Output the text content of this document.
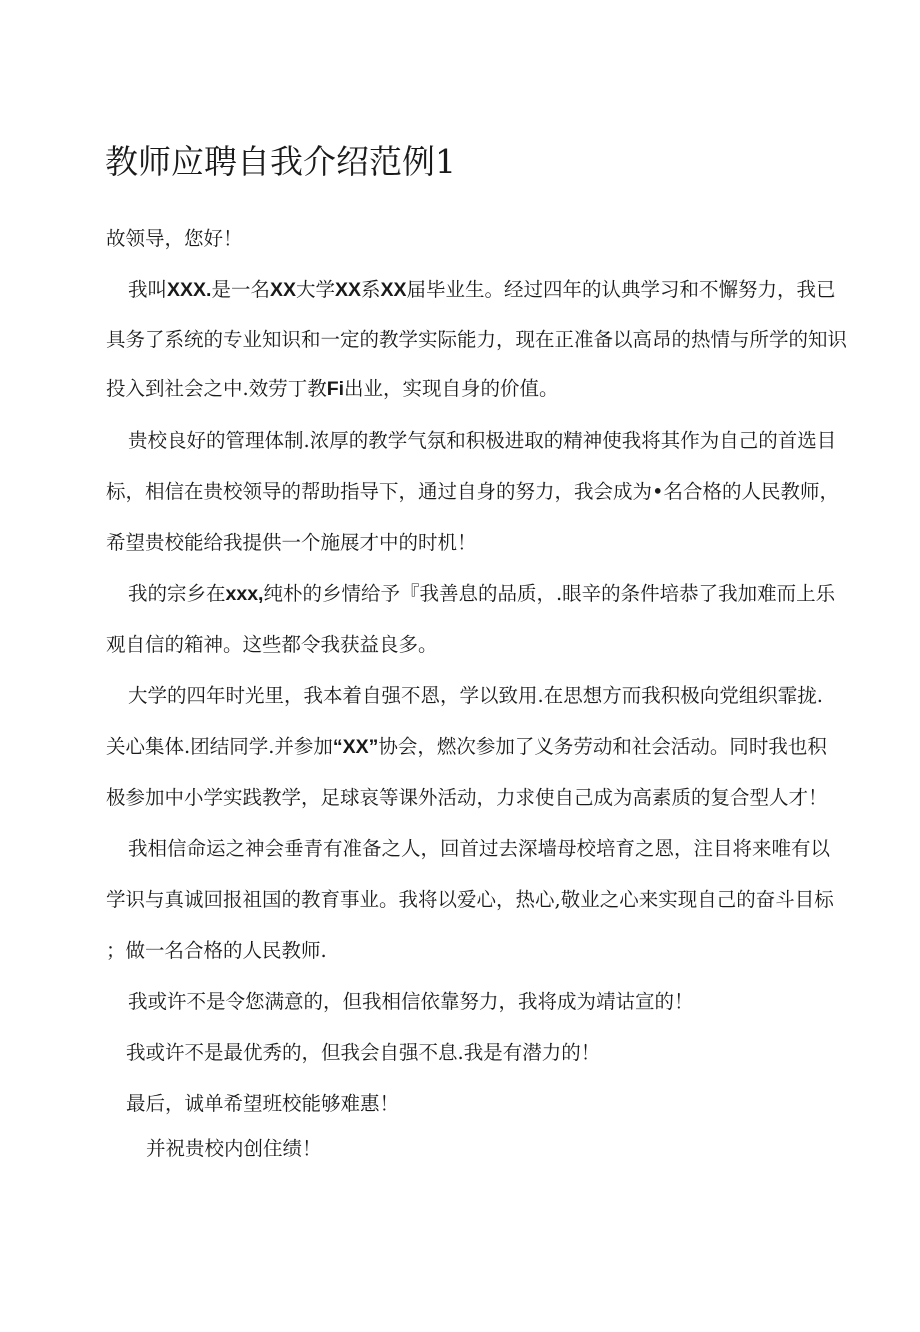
教师应聘自我介绍范例1

故领导，您好！

我叫XXX.是一名XX大学XX系XX届毕业生。经过四年的认典学习和不懈努力，我已

具务了系统的专业知识和一定的教学实际能力，现在正准备以高昂的热情与所学的知识

投入到社会之中.效劳丁教Fi出业，实现自身的价值。

贵校良好的管理体制.浓厚的教学气氛和积极进取的精神使我将其作为自己的首选目

标，相信在贵校领导的帮助指导下，通过自身的努力，我会成为•名合格的人民教师，

希望贵校能给我提供一个施展才中的时机！

我的宗乡在xxx,纯朴的乡情给予『我善息的品质，.眼辛的条件培恭了我加难而上乐

观自信的箱神。这些都令我获益良多。

大学的四年时光里，我本着自强不恩，学以致用.在思想方而我积极向党组织霏拢.

关心集体.团结同学.并参加“XX”协会，燃次参加了义务劳动和社会活动。同时我也积

极参加中小学实践教学，足球哀等课外活动，力求使自己成为高素质的复合型人才！

我相信命运之神会垂青有准备之人，回首过去深墙母校培育之恩，注目将来唯有以

学识与真诚回报祖国的教育事业。我将以爱心，热心,敬业之心来实现自己的奋斗目标

；做一名合格的人民教师.

我或许不是令您满意的，但我相信依靠努力，我将成为靖诂宣的！

我或许不是最优秀的，但我会自强不息.我是有潜力的！

最后，诚单希望班校能够难惠！

并祝贵校内创住绩！
